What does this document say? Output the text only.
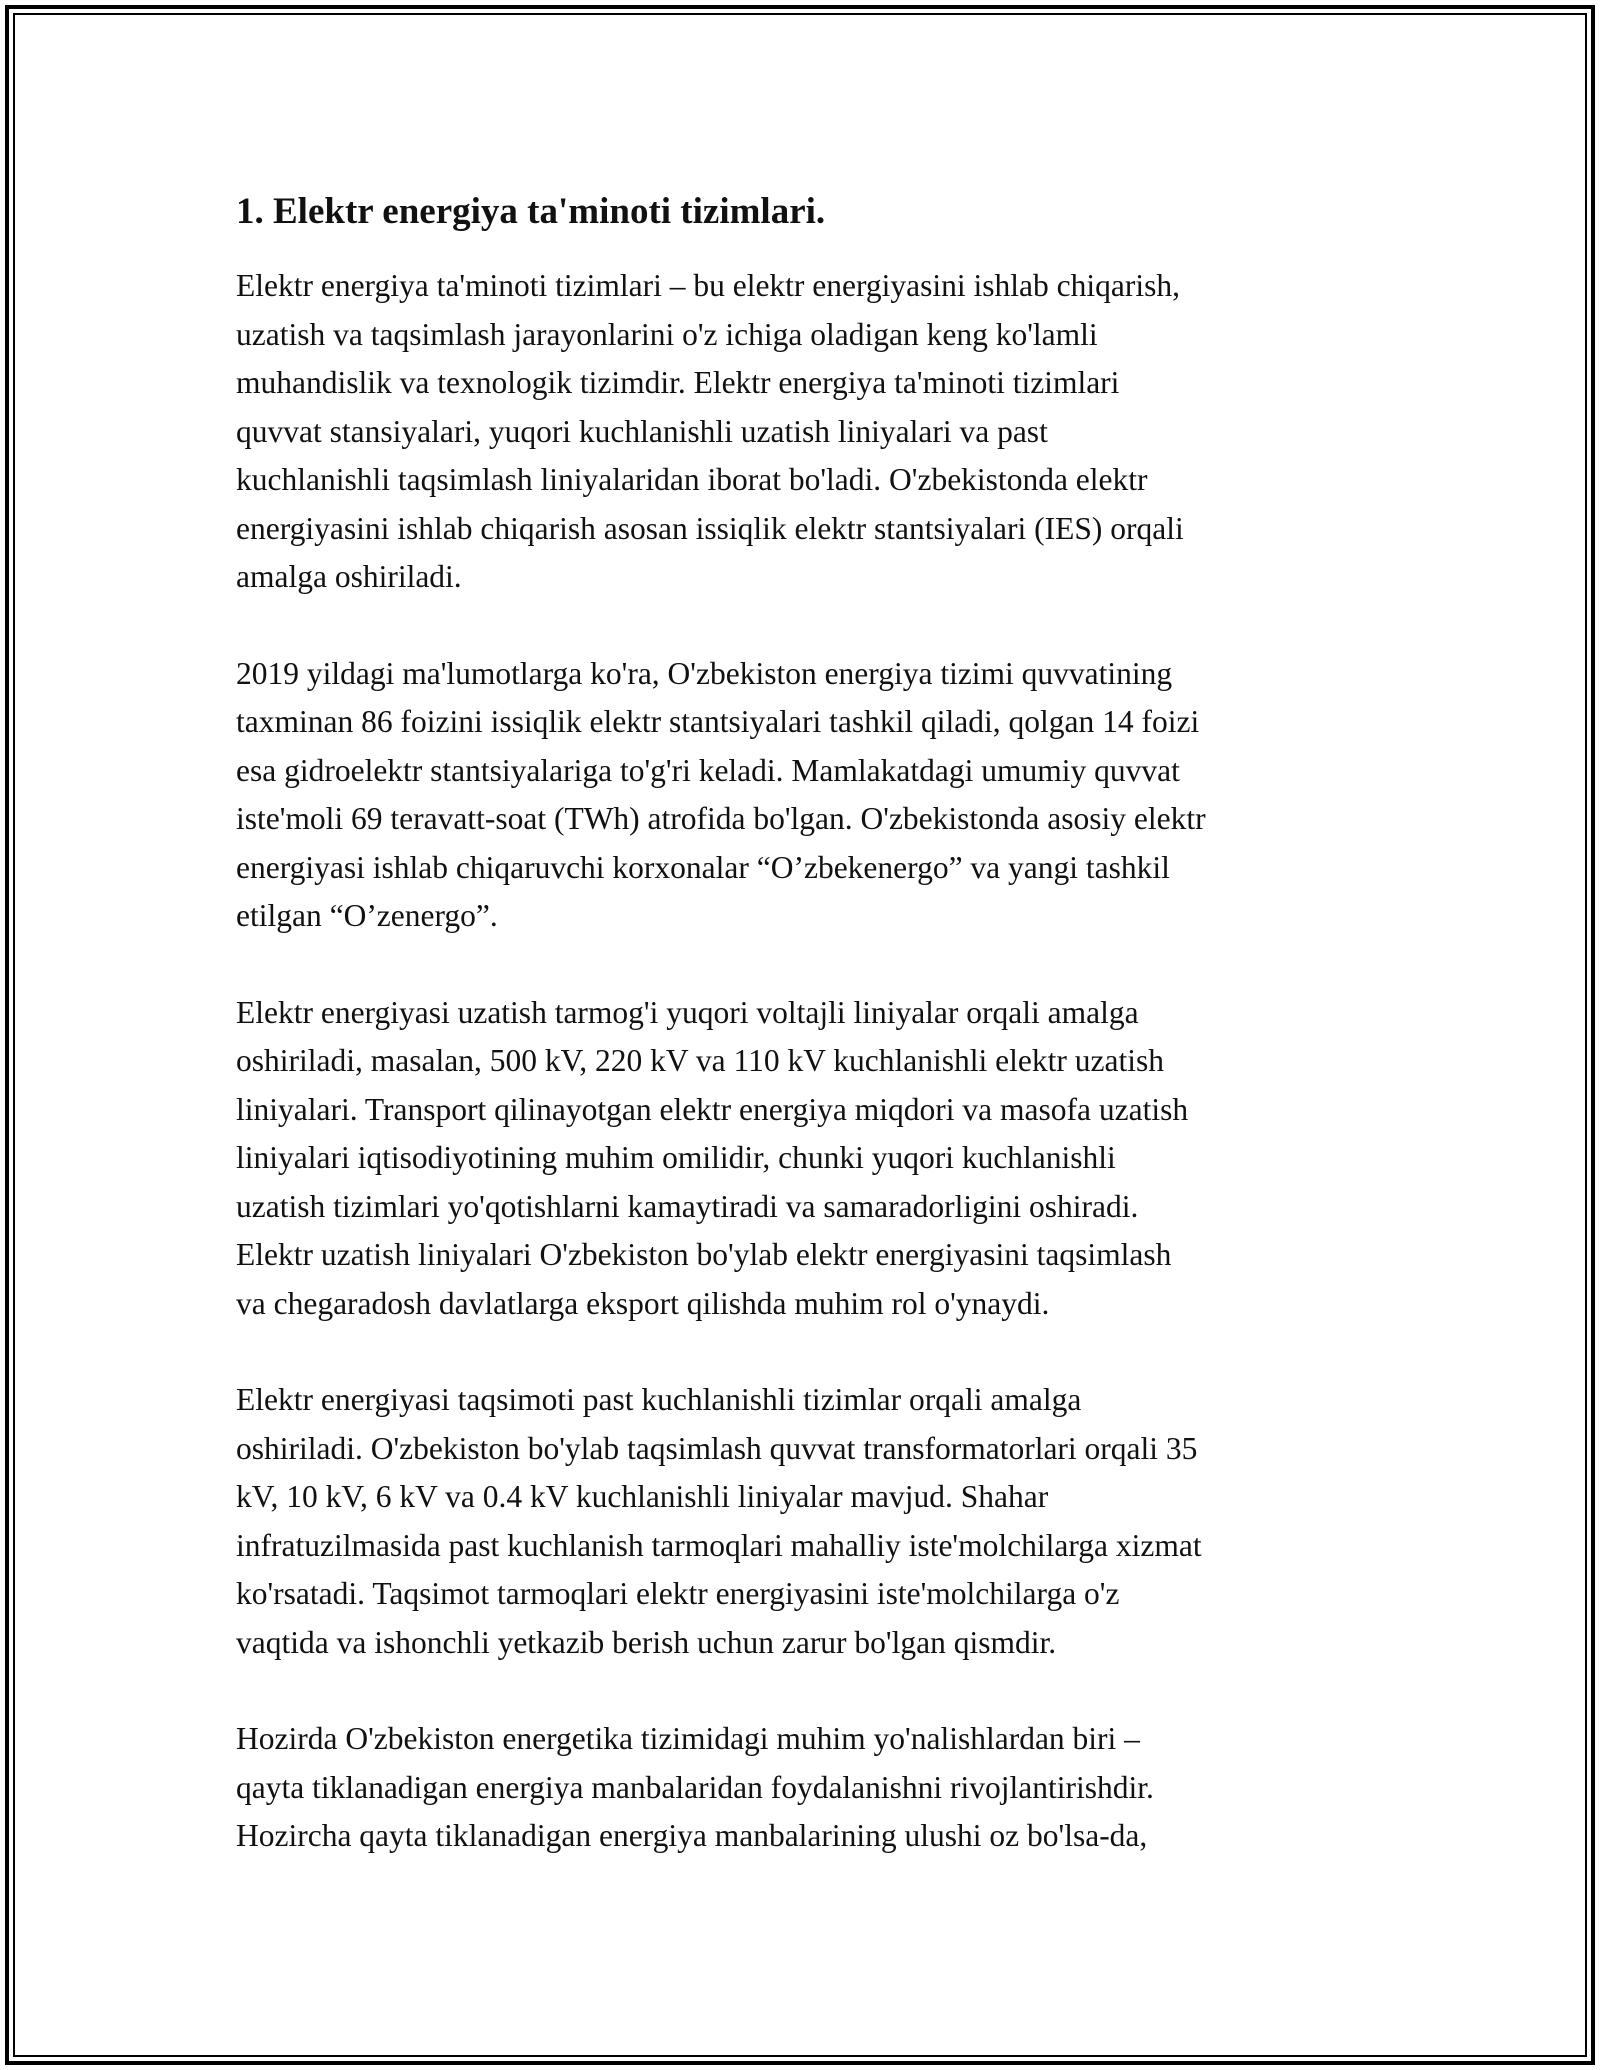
1. Elektr energiya ta'minoti tizimlari.

Elektr energiya ta'minoti tizimlari – bu elektr energiyasini ishlab chiqarish,
uzatish va taqsimlash jarayonlarini o'z ichiga oladigan keng ko'lamli
muhandislik va texnologik tizimdir. Elektr energiya ta'minoti tizimlari
quvvat stansiyalari, yuqori kuchlanishli uzatish liniyalari va past
kuchlanishli taqsimlash liniyalaridan iborat bo'ladi. O'zbekistonda elektr
energiyasini ishlab chiqarish asosan issiqlik elektr stantsiyalari (IES) orqali
amalga oshiriladi.

2019 yildagi ma'lumotlarga ko'ra, O'zbekiston energiya tizimi quvvatining
taxminan 86 foizini issiqlik elektr stantsiyalari tashkil qiladi, qolgan 14 foizi
esa gidroelektr stantsiyalariga to'g'ri keladi. Mamlakatdagi umumiy quvvat
iste'moli 69 teravatt-soat (TWh) atrofida bo'lgan. O'zbekistonda asosiy elektr
energiyasi ishlab chiqaruvchi korxonalar “O’zbekenergo” va yangi tashkil
etilgan “O’zenergo”.

Elektr energiyasi uzatish tarmog'i yuqori voltajli liniyalar orqali amalga
oshiriladi, masalan, 500 kV, 220 kV va 110 kV kuchlanishli elektr uzatish
liniyalari. Transport qilinayotgan elektr energiya miqdori va masofa uzatish
liniyalari iqtisodiyotining muhim omilidir, chunki yuqori kuchlanishli
uzatish tizimlari yo'qotishlarni kamaytiradi va samaradorligini oshiradi.
Elektr uzatish liniyalari O'zbekiston bo'ylab elektr energiyasini taqsimlash
va chegaradosh davlatlarga eksport qilishda muhim rol o'ynaydi.

Elektr energiyasi taqsimoti past kuchlanishli tizimlar orqali amalga
oshiriladi. O'zbekiston bo'ylab taqsimlash quvvat transformatorlari orqali 35
kV, 10 kV, 6 kV va 0.4 kV kuchlanishli liniyalar mavjud. Shahar
infratuzilmasida past kuchlanish tarmoqlari mahalliy iste'molchilarga xizmat
ko'rsatadi. Taqsimot tarmoqlari elektr energiyasini iste'molchilarga o'z
vaqtida va ishonchli yetkazib berish uchun zarur bo'lgan qismdir.

Hozirda O'zbekiston energetika tizimidagi muhim yo'nalishlardan biri –
qayta tiklanadigan energiya manbalaridan foydalanishni rivojlantirishdir.
Hozircha qayta tiklanadigan energiya manbalarining ulushi oz bo'lsa-da,
